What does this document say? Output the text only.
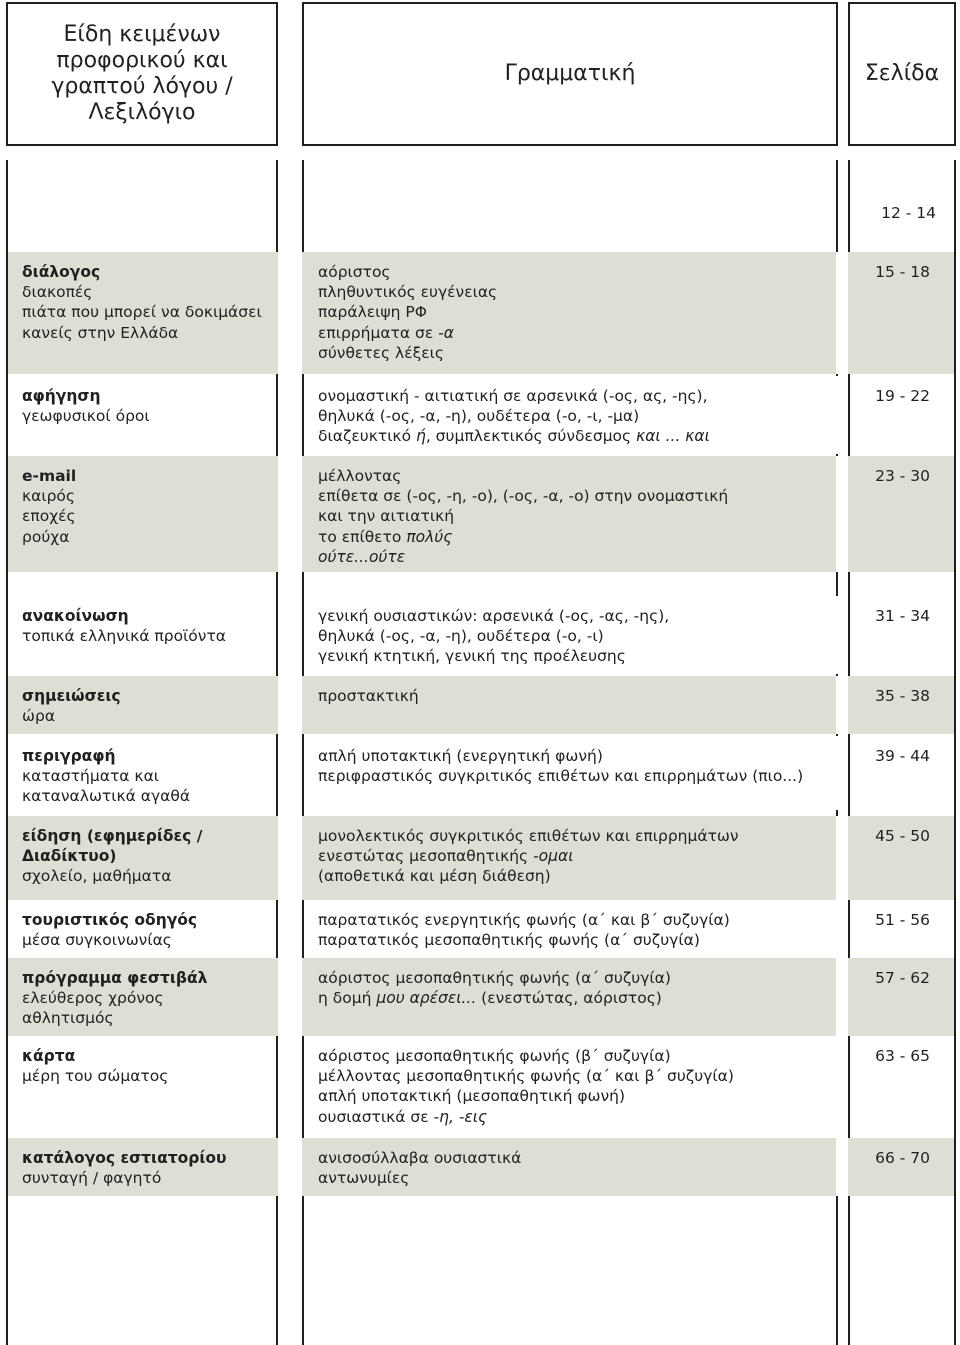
Είδη κειμένων
προφορικού και
γραπτού λόγου /
Λεξιλόγιο
Γραμματική	Σελίδα
12 - 14
διάλογος
διακοπές
πιάτα που μπορεί να δοκιμάσει
κανείς στην Ελλάδα
αόριστος
πληθυντικός ευγένειας
παράλειψη ΡΦ
επιρρήματα σε -α
σύνθετες λέξεις
15 - 18
αφήγηση
γεωφυσικοί όροι
ονομαστική - αιτιατική σε αρσενικά (-ος, ας, -ης),
θηλυκά (-ος, -α, -η), ουδέτερα (-ο, -ι, -μα)
διαζευκτικό ή, συμπλεκτικός σύνδεσμος και ... και
19 - 22
e-mail
καιρός
εποχές
ρούχα
μέλλοντας
επίθετα σε (-ος, -η, -ο), (-ος, -α, -ο) στην ονομαστική
και την αιτιατική
το επίθετο πολύς
ούτε...ούτε
23 - 30
ανακοίνωση
τοπικά ελληνικά προϊόντα
γενική ουσιαστικών: αρσενικά (-ος, -ας, -ης),
θηλυκά (-ος, -α, -η), ουδέτερα (-ο, -ι)
γενική κτητική, γενική της προέλευσης
31 - 34
σημειώσεις
ώρα
προστακτική	35 - 38
περιγραφή
καταστήματα και
καταναλωτικά αγαθά
απλή υποτακτική (ενεργητική φωνή)
περιφραστικός συγκριτικός επιθέτων και επιρρημάτων (πιο...)
39 - 44
είδηση (εφημερίδες /
Διαδίκτυο)
σχολείο, μαθήματα
μονολεκτικός συγκριτικός επιθέτων και επιρρημάτων
ενεστώτας μεσοπαθητικής -ομαι
(αποθετικά και μέση διάθεση)
45 - 50
τουριστικός οδηγός
μέσα συγκοινωνίας
παρατατικός ενεργητικής φωνής (α΄ και β΄ συζυγία)
παρατατικός μεσοπαθητικής φωνής (α΄ συζυγία)
51 - 56
πρόγραμμα φεστιβάλ
ελεύθερος χρόνος
αθλητισμός
αόριστος μεσοπαθητικής φωνής (α΄ συζυγία)
η δομή μου αρέσει... (ενεστώτας, αόριστος)
57 - 62
κάρτα
μέρη του σώματος
αόριστος μεσοπαθητικής φωνής (β΄ συζυγία)
μέλλοντας μεσοπαθητικής φωνής (α΄ και β΄ συζυγία)
απλή υποτακτική (μεσοπαθητική φωνή)
ουσιαστικά σε -η, -εις
63 - 65
κατάλογος εστιατορίου
συνταγή / φαγητό
ανισοσύλλαβα ουσιαστικά
αντωνυμίες
66 - 70
